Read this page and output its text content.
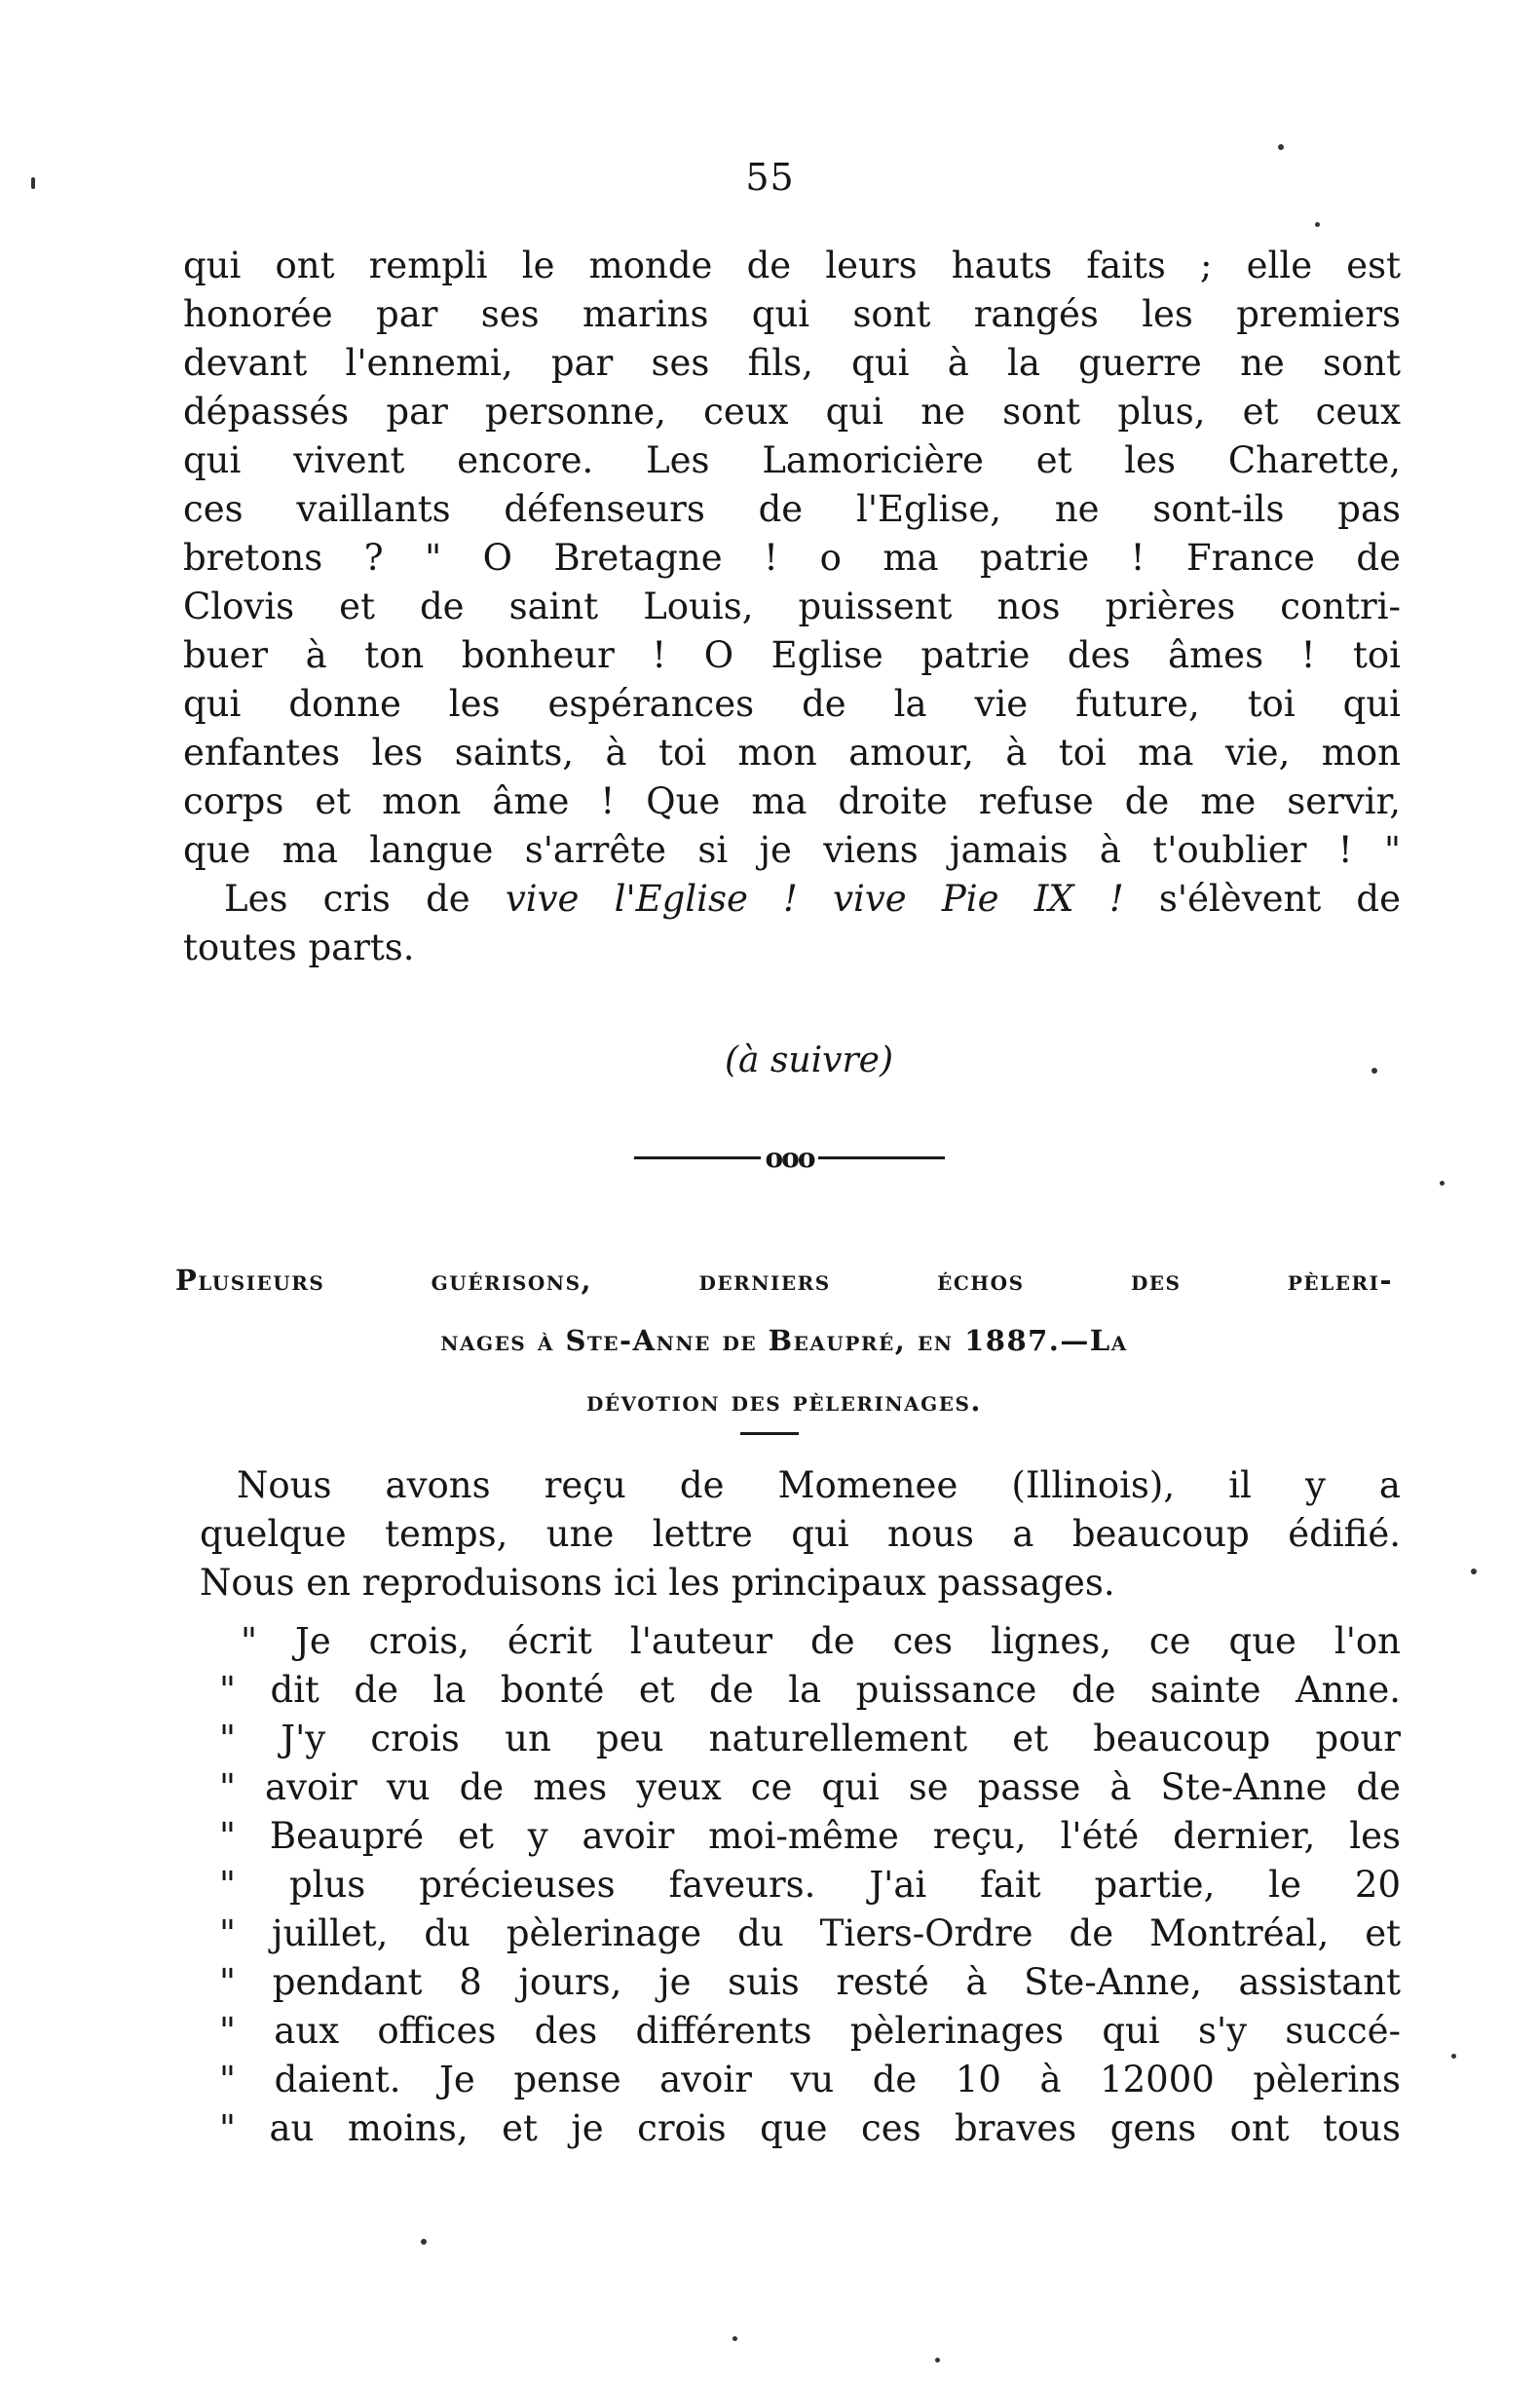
55
qui ont rempli le monde de leurs hauts faits ; elle est
honorée par ses marins qui sont rangés les premiers
devant l'ennemi, par ses fils, qui à la guerre ne sont
dépassés par personne, ceux qui ne sont plus, et ceux
qui vivent encore. Les Lamoricière et les Charette,
ces vaillants défenseurs de l'Eglise, ne sont-ils pas
bretons ? " O Bretagne ! o ma patrie ! France de
Clovis et de saint Louis, puissent nos prières contri-
buer à ton bonheur ! O Eglise patrie des âmes ! toi
qui donne les espérances de la vie future, toi qui
enfantes les saints, à toi mon amour, à toi ma vie, mon
corps et mon âme ! Que ma droite refuse de me servir,
que ma langue s'arrête si je viens jamais à t'oublier ! "
Les cris de vive l'Eglise ! vive Pie IX ! s'élèvent de
toutes parts.
(à suivre)
ooo
Plusieurs guérisons, derniers échos des pèleri-
nages à Ste-Anne de Beaupré, en 1887.—La
dévotion des pèlerinages.
Nous avons reçu de Momenee (Illinois), il y a
quelque temps, une lettre qui nous a beaucoup édifié.
Nous en reproduisons ici les principaux passages.
" Je crois, écrit l'auteur de ces lignes, ce que l'on
" dit de la bonté et de la puissance de sainte Anne.
" J'y crois un peu naturellement et beaucoup pour
" avoir vu de mes yeux ce qui se passe à Ste-Anne de
" Beaupré et y avoir moi-même reçu, l'été dernier, les
" plus précieuses faveurs. J'ai fait partie, le 20
" juillet, du pèlerinage du Tiers-Ordre de Montréal, et
" pendant 8 jours, je suis resté à Ste-Anne, assistant
" aux offices des différents pèlerinages qui s'y succé-
" daient. Je pense avoir vu de 10 à 12000 pèlerins
" au moins, et je crois que ces braves gens ont tous
